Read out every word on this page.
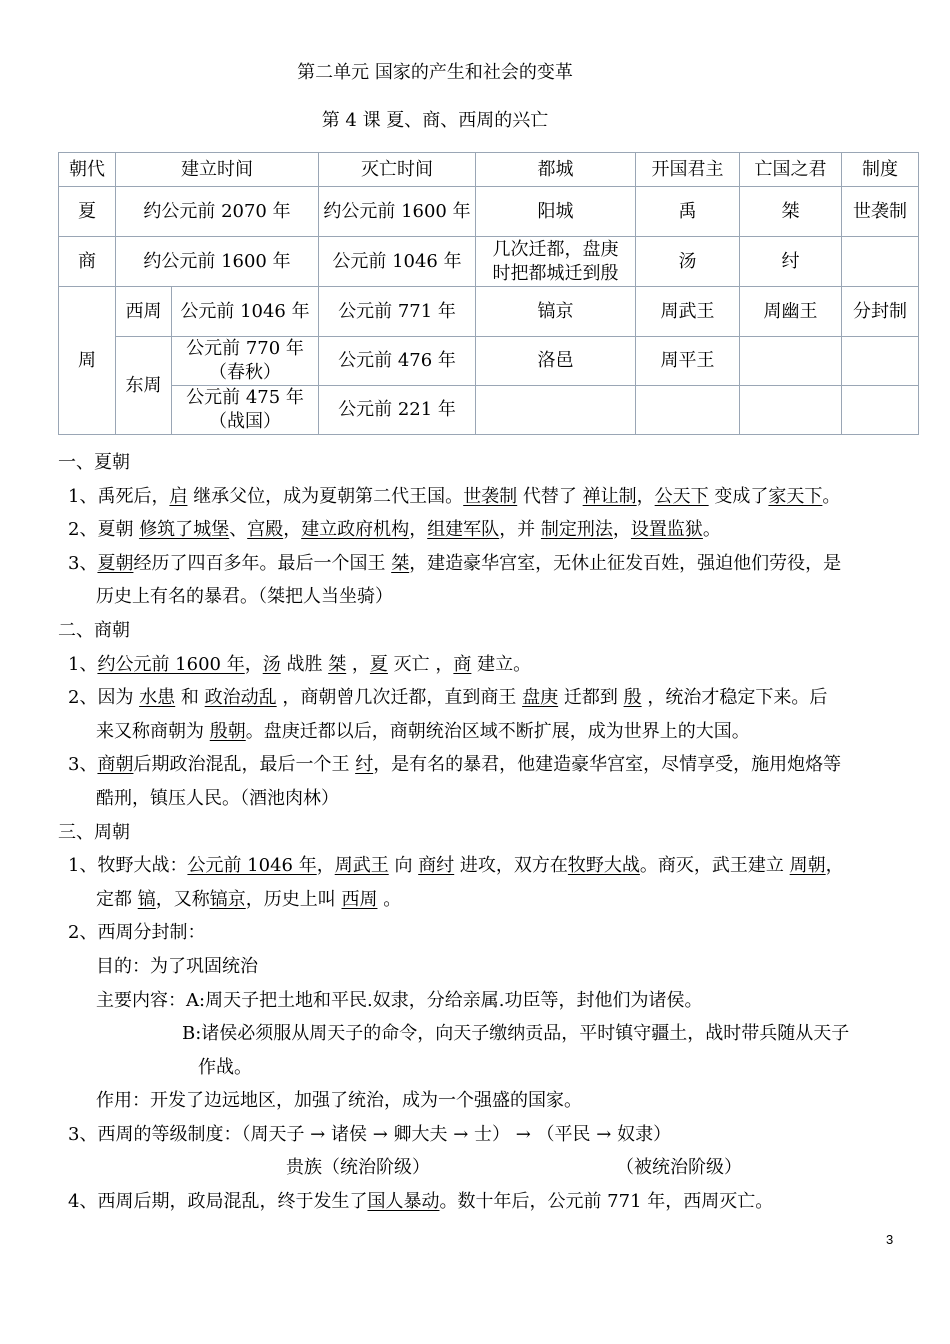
第二单元 国家的产生和社会的变革
第 4 课 夏、商、西周的兴亡
朝代	建立时间		灭亡时间	都城	开国君主	亡国之君	制度
夏	约公元前 2070 年		约公元前 1600 年	阳城	禹	桀	世袭制
商	约公元前 1600 年		公元前 1046 年	几次迁都，盘庚
时把都城迁到殷	汤	纣	
周	西周	公元前 1046 年	公元前 771 年	镐京	周武王	周幽王	分封制
	东周	公元前 770 年
（春秋）	公元前 476 年	洛邑	周平王		
		公元前 475 年
（战国）	公元前 221 年				

一、夏朝

1、禹死后，启 继承父位，成为夏朝第二代王国。世袭制 代替了 禅让制，公天下 变成了家天下。

2、夏朝 修筑了城堡、宫殿，建立政府机构，组建军队，并 制定刑法，设置监狱。

3、夏朝经历了四百多年。最后一个国王 桀，建造豪华宫室，无休止征发百姓，强迫他们劳役，是

历史上有名的暴君。（桀把人当坐骑）

二、商朝

1、约公元前 1600 年，汤 战胜 桀 ，夏 灭亡 ，商 建立。

2、因为 水患 和 政治动乱 ，商朝曾几次迁都，直到商王 盘庚 迁都到 殷 ，统治才稳定下来。后

来又称商朝为 殷朝。盘庚迁都以后，商朝统治区域不断扩展，成为世界上的大国。

3、商朝后期政治混乱，最后一个王 纣，是有名的暴君，他建造豪华宫室，尽情享受，施用炮烙等

酷刑，镇压人民。（酒池肉林）

三、周朝

1、牧野大战：公元前 1046 年，周武王 向 商纣 进攻，双方在牧野大战。商灭，武王建立 周朝，

定都 镐，又称镐京，历史上叫 西周 。

2、西周分封制：

目的：为了巩固统治

主要内容：A:周天子把土地和平民.奴隶，分给亲属.功臣等，封他们为诸侯。

B:诸侯必须服从周天子的命令，向天子缴纳贡品，平时镇守疆土，战时带兵随从天子

作战。

作用：开发了边远地区，加强了统治，成为一个强盛的国家。

3、西周的等级制度：（周天子 → 诸侯 → 卿大夫 → 士） → （平民 → 奴隶）

贵族（统治阶级）	（被统治阶级）

4、西周后期，政局混乱，终于发生了国人暴动。数十年后，公元前 771 年，西周灭亡。

3
